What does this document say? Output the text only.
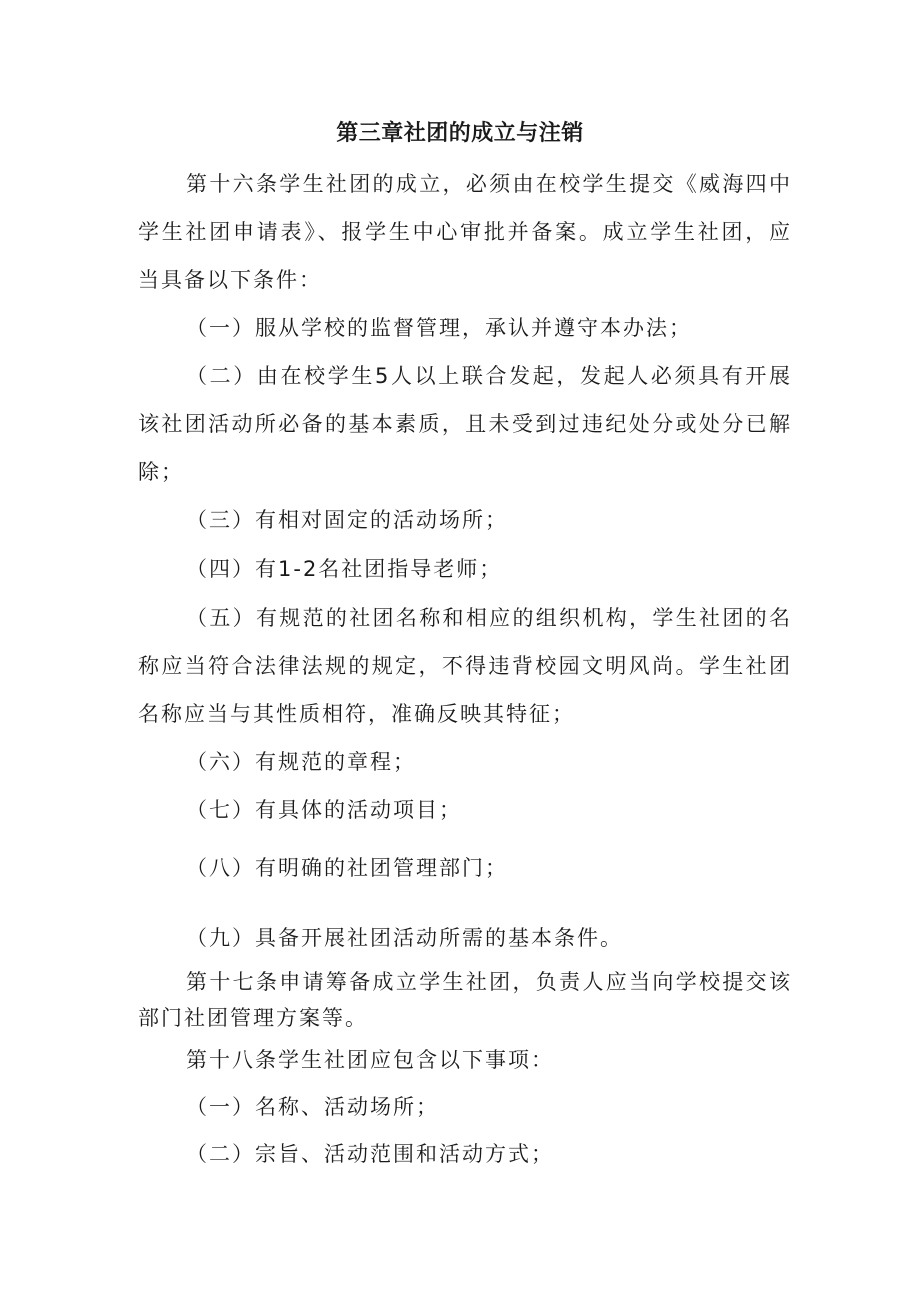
第三章社团的成立与注销

第十六条学生社团的成立，必须由在校学生提交《威海四中学生社团申请表》、报学生中心审批并备案。成立学生社团，应当具备以下条件：

（一）服从学校的监督管理，承认并遵守本办法；

（二）由在校学生5人以上联合发起，发起人必须具有开展该社团活动所必备的基本素质，且未受到过违纪处分或处分已解除；

（三）有相对固定的活动场所；

（四）有1-2名社团指导老师；

（五）有规范的社团名称和相应的组织机构，学生社团的名称应当符合法律法规的规定，不得违背校园文明风尚。学生社团名称应当与其性质相符，准确反映其特征；

（六）有规范的章程；

（七）有具体的活动项目；

（八）有明确的社团管理部门；

（九）具备开展社团活动所需的基本条件。

第十七条申请筹备成立学生社团，负责人应当向学校提交该部门社团管理方案等。

第十八条学生社团应包含以下事项：

（一）名称、活动场所；

（二）宗旨、活动范围和活动方式；
